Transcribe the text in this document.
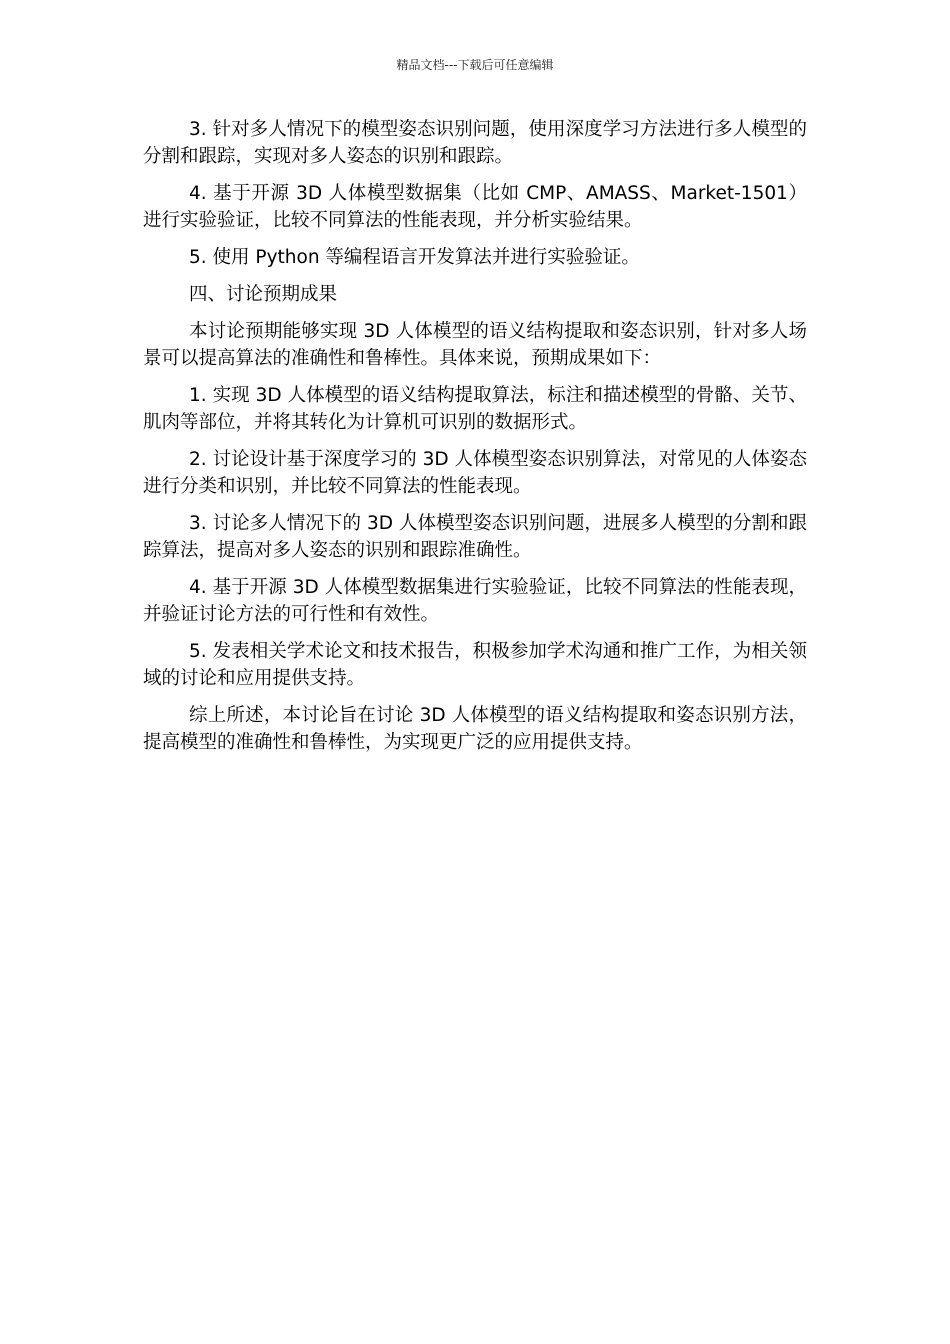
精品文档---下载后可任意编辑

3. 针对多人情况下的模型姿态识别问题，使用深度学习方法进行多人模型的分割和跟踪，实现对多人姿态的识别和跟踪。

4. 基于开源 3D 人体模型数据集（比如 CMP、AMASS、Market-1501）进行实验验证，比较不同算法的性能表现，并分析实验结果。

5. 使用 Python 等编程语言开发算法并进行实验验证。

四、讨论预期成果

本讨论预期能够实现 3D 人体模型的语义结构提取和姿态识别，针对多人场景可以提高算法的准确性和鲁棒性。具体来说，预期成果如下：

1. 实现 3D 人体模型的语义结构提取算法，标注和描述模型的骨骼、关节、肌肉等部位，并将其转化为计算机可识别的数据形式。

2. 讨论设计基于深度学习的 3D 人体模型姿态识别算法，对常见的人体姿态进行分类和识别，并比较不同算法的性能表现。

3. 讨论多人情况下的 3D 人体模型姿态识别问题，进展多人模型的分割和跟踪算法，提高对多人姿态的识别和跟踪准确性。

4. 基于开源 3D 人体模型数据集进行实验验证，比较不同算法的性能表现，并验证讨论方法的可行性和有效性。

5. 发表相关学术论文和技术报告，积极参加学术沟通和推广工作，为相关领域的讨论和应用提供支持。

综上所述，本讨论旨在讨论 3D 人体模型的语义结构提取和姿态识别方法，提高模型的准确性和鲁棒性，为实现更广泛的应用提供支持。
